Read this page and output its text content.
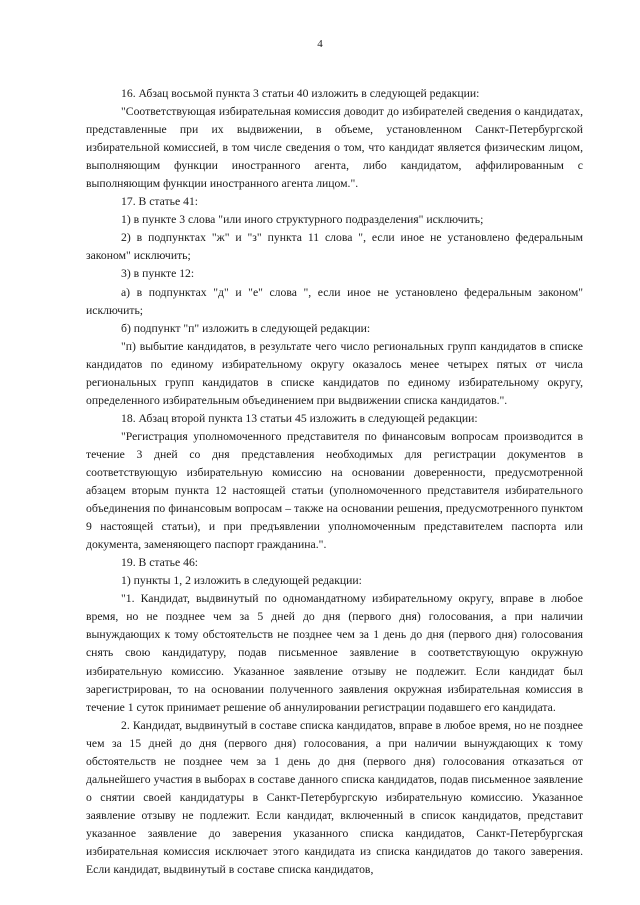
4

16. Абзац восьмой пункта 3 статьи 40 изложить в следующей редакции:

"Соответствующая избирательная комиссия доводит до избирателей сведения о кандидатах, представленные при их выдвижении, в объеме, установленном Санкт-Петербургской избирательной комиссией, в том числе сведения о том, что кандидат является физическим лицом, выполняющим функции иностранного агента, либо кандидатом, аффилированным с выполняющим функции иностранного агента лицом.".

17. В статье 41:

1) в пункте 3 слова "или иного структурного подразделения" исключить;

2) в подпунктах "ж" и "з" пункта 11 слова ", если иное не установлено федеральным законом" исключить;

3) в пункте 12:

а) в подпунктах "д" и "е" слова ", если иное не установлено федеральным законом" исключить;

б) подпункт "п" изложить в следующей редакции:

"п) выбытие кандидатов, в результате чего число региональных групп кандидатов в списке кандидатов по единому избирательному округу оказалось менее четырех пятых от числа региональных групп кандидатов в списке кандидатов по единому избирательному округу, определенного избирательным объединением при выдвижении списка кандидатов.".

18. Абзац второй пункта 13 статьи 45 изложить в следующей редакции:

"Регистрация уполномоченного представителя по финансовым вопросам производится в течение 3 дней со дня представления необходимых для регистрации документов в соответствующую избирательную комиссию на основании доверенности, предусмотренной абзацем вторым пункта 12 настоящей статьи (уполномоченного представителя избирательного объединения по финансовым вопросам – также на основании решения, предусмотренного пунктом 9 настоящей статьи), и при предъявлении уполномоченным представителем паспорта или документа, заменяющего паспорт гражданина.".

19. В статье 46:

1) пункты 1, 2 изложить в следующей редакции:

"1. Кандидат, выдвинутый по одномандатному избирательному округу, вправе в любое время, но не позднее чем за 5 дней до дня (первого дня) голосования, а при наличии вынуждающих к тому обстоятельств не позднее чем за 1 день до дня (первого дня) голосования снять свою кандидатуру, подав письменное заявление в соответствующую окружную избирательную комиссию. Указанное заявление отзыву не подлежит. Если кандидат был зарегистрирован, то на основании полученного заявления окружная избирательная комиссия в течение 1 суток принимает решение об аннулировании регистрации подавшего его кандидата.

2. Кандидат, выдвинутый в составе списка кандидатов, вправе в любое время, но не позднее чем за 15 дней до дня (первого дня) голосования, а при наличии вынуждающих к тому обстоятельств не позднее чем за 1 день до дня (первого дня) голосования отказаться от дальнейшего участия в выборах в составе данного списка кандидатов, подав письменное заявление о снятии своей кандидатуры в Санкт-Петербургскую избирательную комиссию. Указанное заявление отзыву не подлежит. Если кандидат, включенный в список кандидатов, представит указанное заявление до заверения указанного списка кандидатов, Санкт-Петербургская избирательная комиссия исключает этого кандидата из списка кандидатов до такого заверения. Если кандидат, выдвинутый в составе списка кандидатов,
